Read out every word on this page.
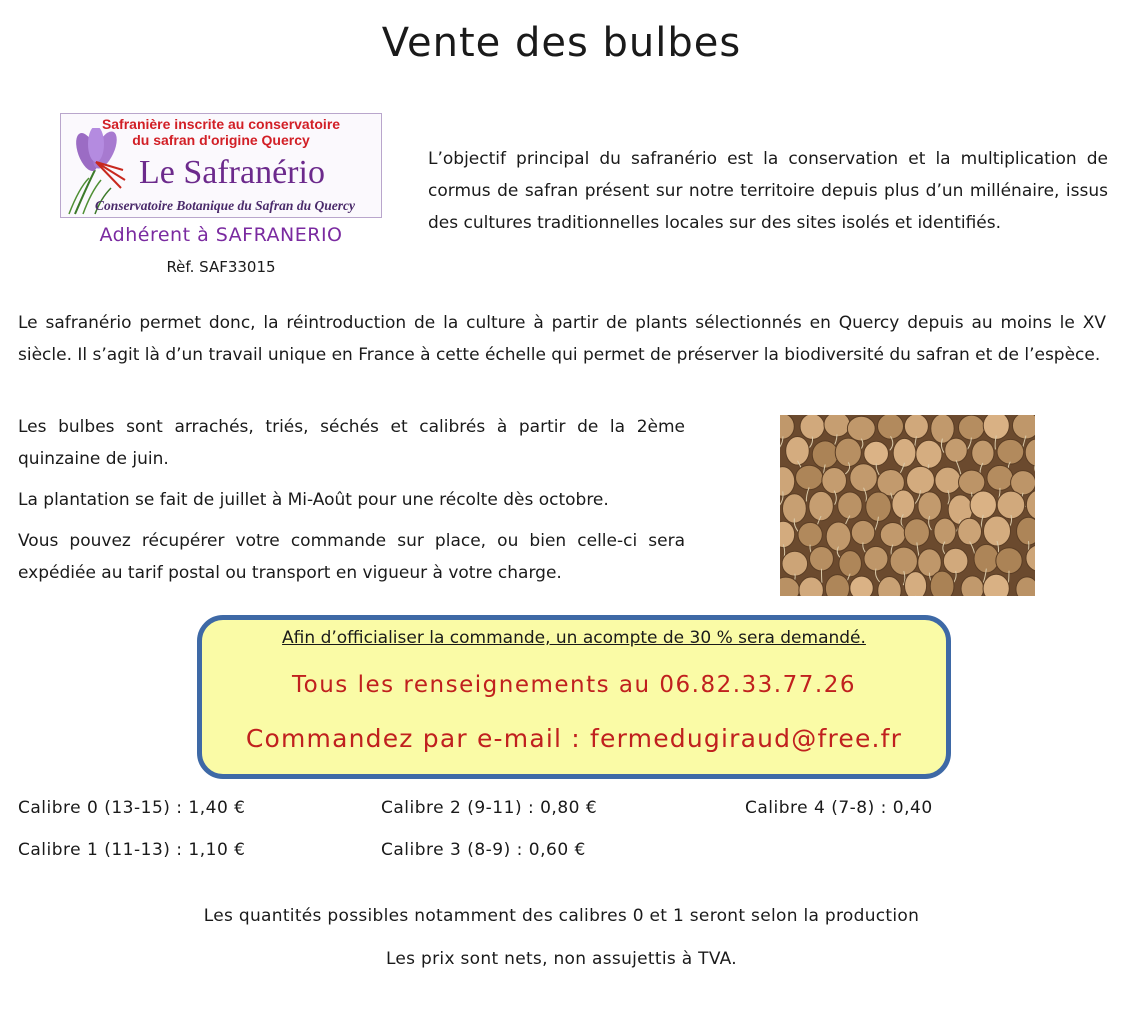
Vente des bulbes
Safranière inscrite au conservatoire
du safran d'origine Quercy
Le Safranério
Conservatoire Botanique du Safran du Quercy
Adhérent à SAFRANERIO
Rèf. SAF33015
L’objectif principal du safranério est la conservation et la multiplication de cormus de safran présent sur notre territoire depuis plus d’un millénaire, issus des cultures traditionnelles locales sur des sites isolés et identifiés.
Le safranério permet donc, la réintroduction de la culture à partir de plants sélectionnés en Quercy depuis au moins le XV siècle. Il s’agit là d’un travail unique en France à cette échelle qui permet de préserver la biodiversité du safran et de l’espèce.
Les bulbes sont arrachés, triés, séchés et calibrés à partir de la 2ème quinzaine de juin.
La plantation se fait de juillet à Mi-Août pour une récolte dès octobre.
Vous pouvez récupérer votre commande sur place, ou bien celle-ci sera expédiée au tarif postal ou transport en vigueur à votre charge.
Afin d’officialiser la commande, un acompte de 30 % sera demandé.
Tous les renseignements au 06.82.33.77.26
Commandez par e-mail : fermedugiraud@free.fr
Calibre 0 (13-15) : 1,40 €
Calibre 1 (11-13) : 1,10 €
Calibre 2 (9-11) : 0,80 €
Calibre 3 (8-9) : 0,60 €
Calibre 4 (7-8) : 0,40
Les quantités possibles notamment des calibres 0 et 1 seront selon la production
Les prix sont nets, non assujettis à TVA.
